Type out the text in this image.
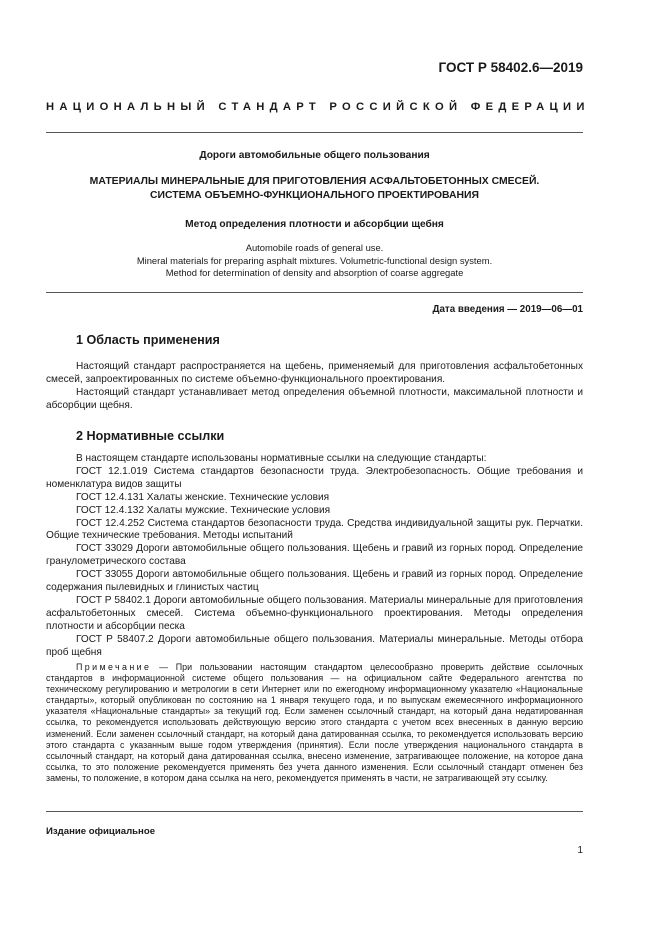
ГОСТ Р 58402.6—2019
НАЦИОНАЛЬНЫЙ СТАНДАРТ РОССИЙСКОЙ ФЕДЕРАЦИИ
Дороги автомобильные общего пользования
МАТЕРИАЛЫ МИНЕРАЛЬНЫЕ ДЛЯ ПРИГОТОВЛЕНИЯ АСФАЛЬТОБЕТОННЫХ СМЕСЕЙ.
СИСТЕМА ОБЪЕМНО-ФУНКЦИОНАЛЬНОГО ПРОЕКТИРОВАНИЯ
Метод определения плотности и абсорбции щебня
Automobile roads of general use.
Mineral materials for preparing asphalt mixtures. Volumetric-functional design system.
Method for determination of density and absorption of coarse aggregate
Дата введения — 2019—06—01
1 Область применения

Настоящий стандарт распространяется на щебень, применяемый для приготовления асфальтобетонных смесей, запроектированных по системе объемно-функционального проектирования.

Настоящий стандарт устанавливает метод определения объемной плотности, максимальной плотности и абсорбции щебня.

2 Нормативные ссылки

В настоящем стандарте использованы нормативные ссылки на следующие стандарты:

ГОСТ 12.1.019 Система стандартов безопасности труда. Электробезопасность. Общие требования и номенклатура видов защиты

ГОСТ 12.4.131 Халаты женские. Технические условия

ГОСТ 12.4.132 Халаты мужские. Технические условия

ГОСТ 12.4.252 Система стандартов безопасности труда. Средства индивидуальной защиты рук. Перчатки. Общие технические требования. Методы испытаний

ГОСТ 33029 Дороги автомобильные общего пользования. Щебень и гравий из горных пород. Определение гранулометрического состава

ГОСТ 33055 Дороги автомобильные общего пользования. Щебень и гравий из горных пород. Определение содержания пылевидных и глинистых частиц

ГОСТ Р 58402.1 Дороги автомобильные общего пользования. Материалы минеральные для приготовления асфальтобетонных смесей. Система объемно-функционального проектирования. Методы определения плотности и абсорбции песка

ГОСТ Р 58407.2 Дороги автомобильные общего пользования. Материалы минеральные. Методы отбора проб щебня

Примечание — При пользовании настоящим стандартом целесообразно проверить действие ссылочных стандартов в информационной системе общего пользования — на официальном сайте Федерального агентства по техническому регулированию и метрологии в сети Интернет или по ежегодному информационному указателю «Национальные стандарты», который опубликован по состоянию на 1 января текущего года, и по выпускам ежемесячного информационного указателя «Национальные стандарты» за текущий год. Если заменен ссылочный стандарт, на который дана недатированная ссылка, то рекомендуется использовать действующую версию этого стандарта с учетом всех внесенных в данную версию изменений. Если заменен ссылочный стандарт, на который дана датированная ссылка, то рекомендуется использовать версию этого стандарта с указанным выше годом утверждения (принятия). Если после утверждения национального стандарта в ссылочный стандарт, на который дана датированная ссылка, внесено изменение, затрагивающее положение, на которое дана ссылка, то это положение рекомендуется применять без учета данного изменения. Если ссылочный стандарт отменен без замены, то положение, в котором дана ссылка на него, рекомендуется применять в части, не затрагивающей эту ссылку.

Издание официальное
1
